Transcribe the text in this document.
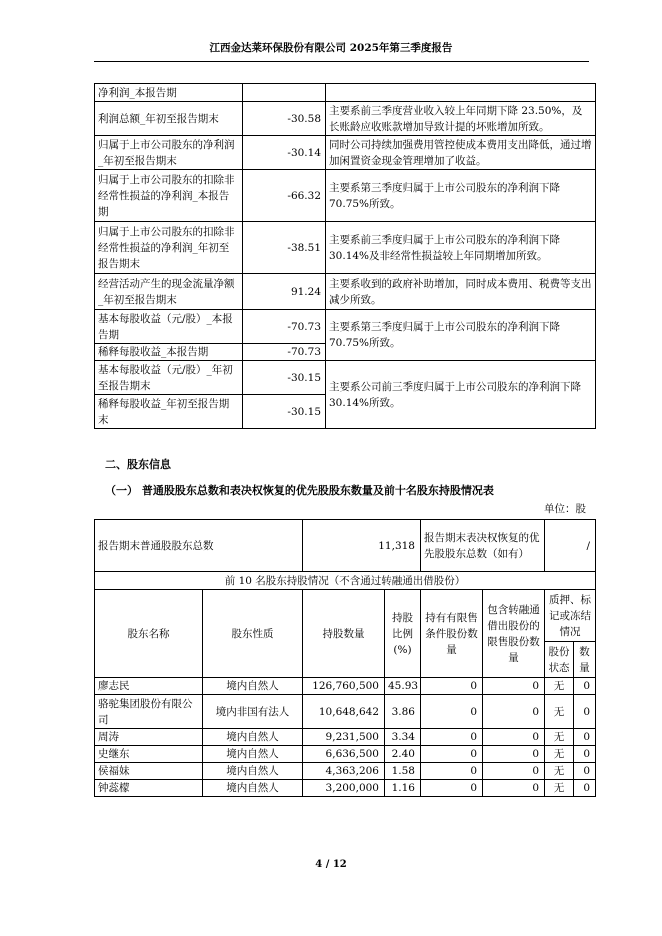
江西金达莱环保股份有限公司 2025年第三季度报告
净利润_本报告期		
利润总额_年初至报告期末	-30.58	主要系前三季度营业收入较上年同期下降 23.50%，及长账龄应收账款增加导致计提的坏账增加所致。
归属于上市公司股东的净利润_年初至报告期末	-30.14	同时公司持续加强费用管控使成本费用支出降低，通过增加闲置资金现金管理增加了收益。
归属于上市公司股东的扣除非经常性损益的净利润_本报告期	-66.32	主要系第三季度归属于上市公司股东的净利润下降 70.75%所致。
归属于上市公司股东的扣除非经常性损益的净利润_年初至报告期末	-38.51	主要系前三季度归属于上市公司股东的净利润下降 30.14%及非经常性损益较上年同期增加所致。
经营活动产生的现金流量净额_年初至报告期末	91.24	主要系收到的政府补助增加，同时成本费用、税费等支出减少所致。
基本每股收益（元/股）_本报告期	-70.73	主要系第三季度归属于上市公司股东的净利润下降 70.75%所致。
稀释每股收益_本报告期	-70.73	
基本每股收益（元/股）_年初至报告期末	-30.15	主要系公司前三季度归属于上市公司股东的净利润下降 30.14%所致。
稀释每股收益_年初至报告期末	-30.15	
二、股东信息
（一） 普通股股东总数和表决权恢复的优先股股东数量及前十名股东持股情况表
单位：股
报告期末普通股股东总数		11,318		报告期末表决权恢复的优先股股东总数（如有）		/	
前 10 名股东持股情况（不含通过转融通出借股份）							
股东名称	股东性质	持股数量	持股比例(%)	持有有限售条件股份数量	包含转融通借出股份的限售股份数量	质押、标记或冻结情况	
						股份状态	数量
廖志民	境内自然人	126,760,500	45.93	0	0	无	0
骆驼集团股份有限公司	境内非国有法人	10,648,642	3.86	0	0	无	0
周涛	境内自然人	9,231,500	3.34	0	0	无	0
史继东	境内自然人	6,636,500	2.40	0	0	无	0
侯福妹	境内自然人	4,363,206	1.58	0	0	无	0
钟蕊檬	境内自然人	3,200,000	1.16	0	0	无	0
4 / 12
